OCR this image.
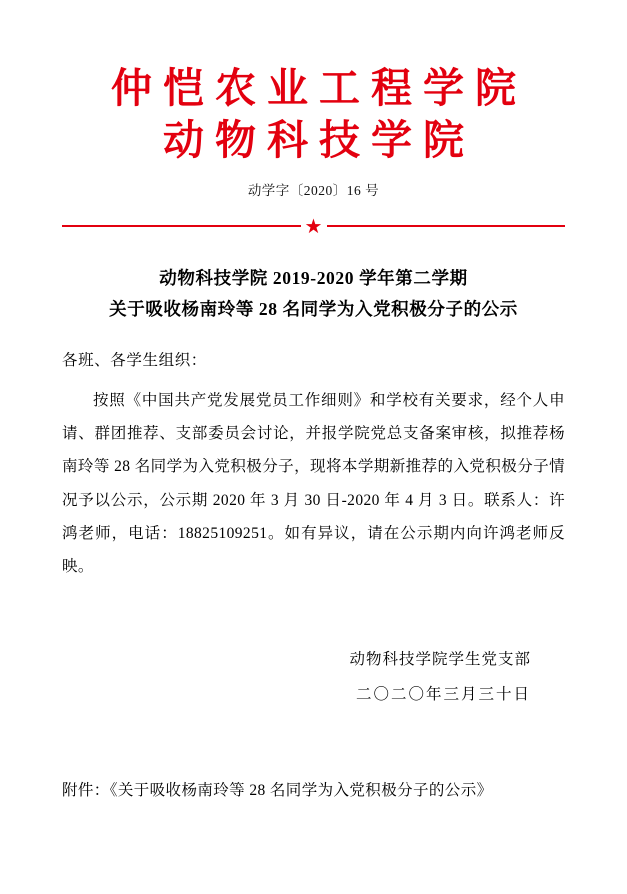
仲恺农业工程学院
动物科技学院
动学字〔2020〕16 号
★
动物科技学院 2019-2020 学年第二学期
关于吸收杨南玲等 28 名同学为入党积极分子的公示
各班、各学生组织：
按照《中国共产党发展党员工作细则》和学校有关要求，经个人申请、群团推荐、支部委员会讨论，并报学院党总支备案审核，拟推荐杨南玲等 28 名同学为入党积极分子，现将本学期新推荐的入党积极分子情况予以公示，公示期 2020 年 3 月 30 日-2020 年 4 月 3 日。联系人：许鸿老师，电话：18825109251。如有异议，请在公示期内向许鸿老师反映。
动物科技学院学生党支部
二〇二〇年三月三十日
附件：《关于吸收杨南玲等 28 名同学为入党积极分子的公示》
